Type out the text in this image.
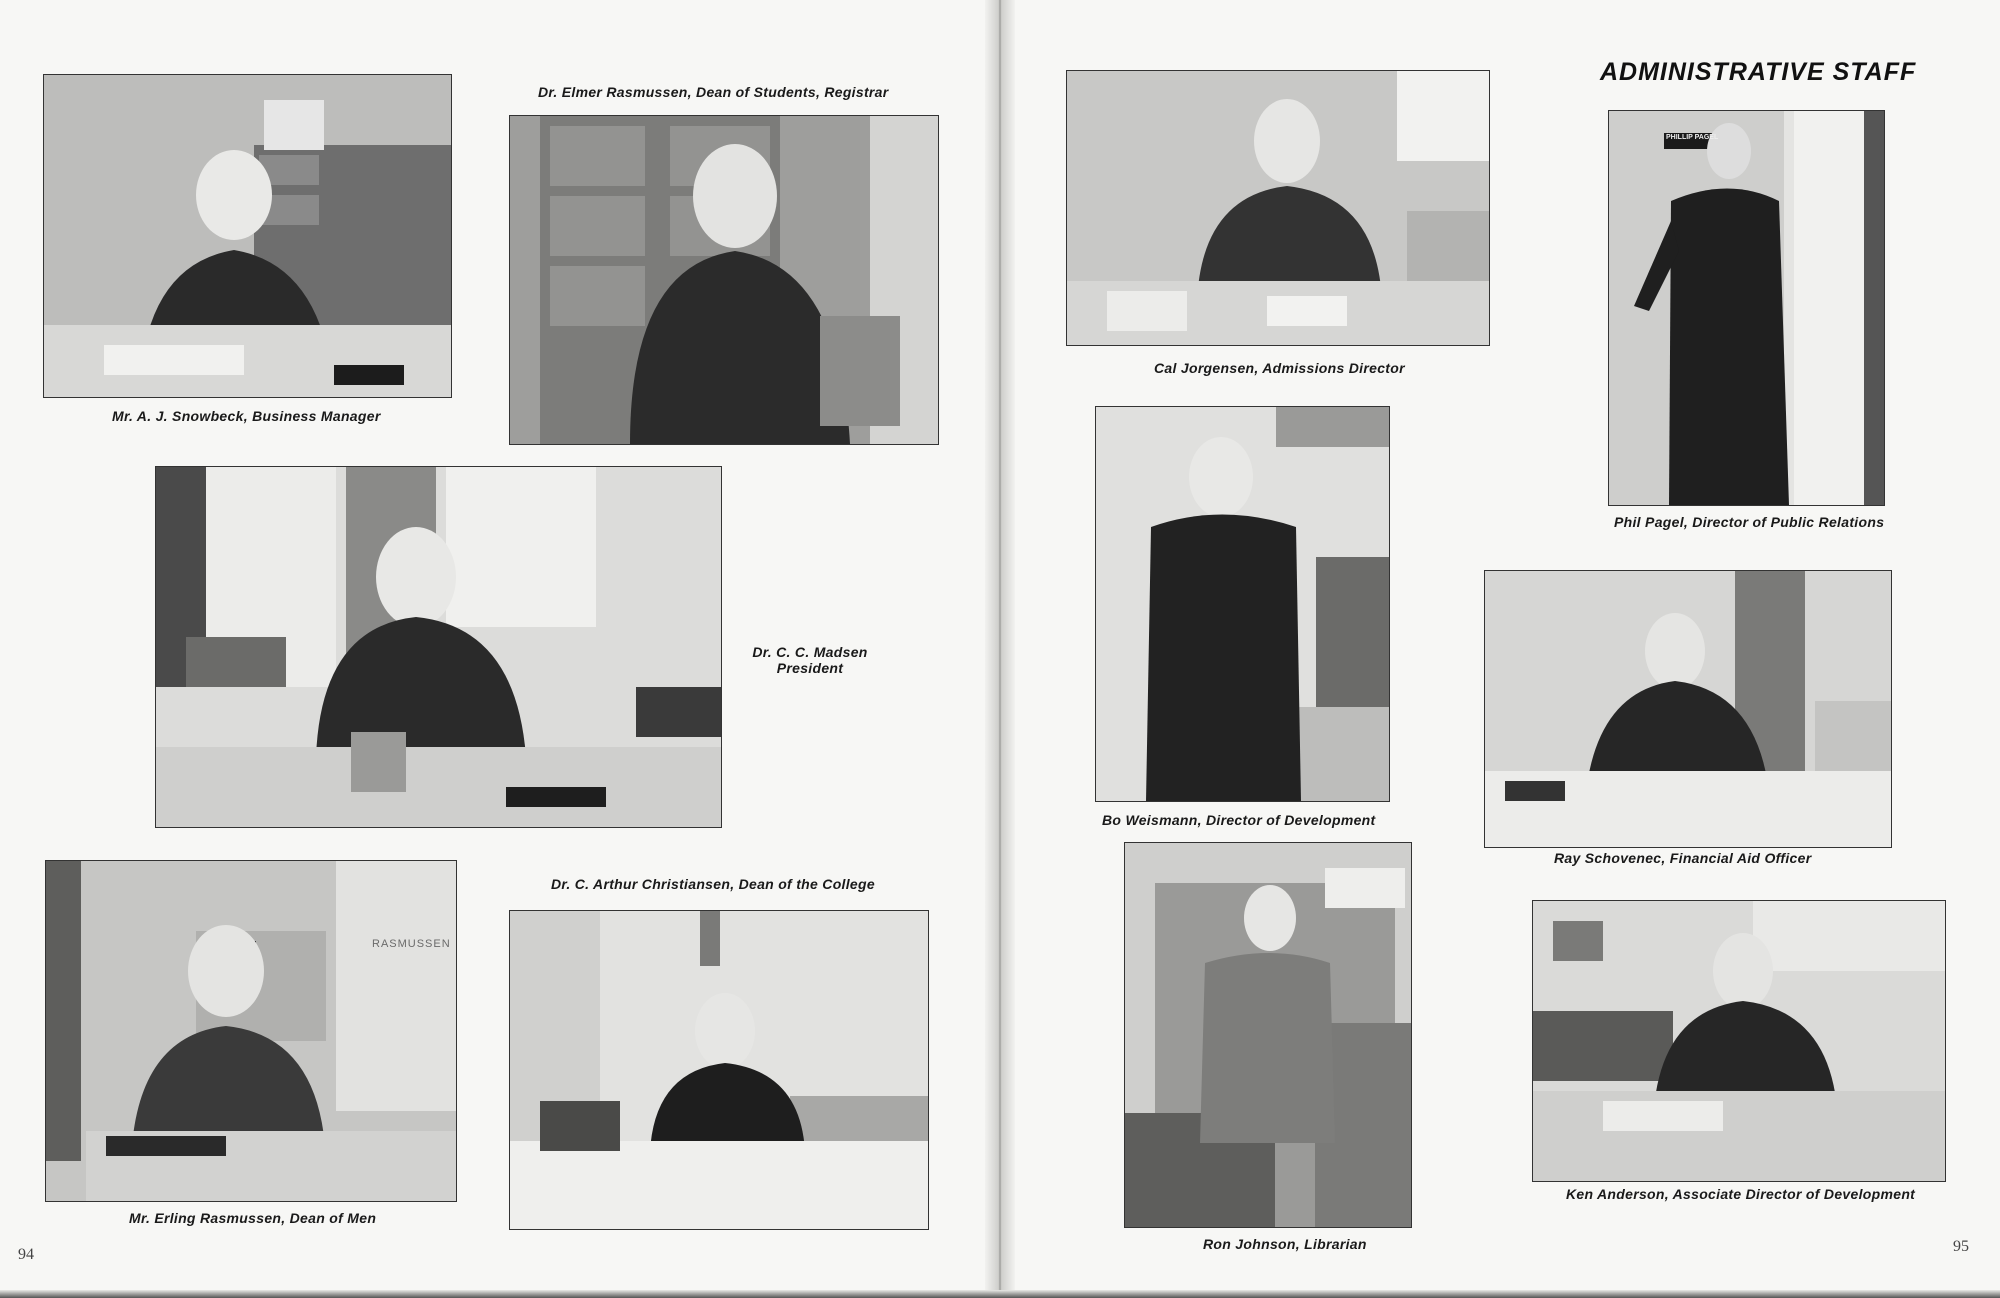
Mr. A. J. Snowbeck, Business Manager
Dr. Elmer Rasmussen, Dean of Students, Registrar
Dr. C. C. Madsen
President
Mr. Erling Rasmussen, Dean of Men
RASMUSSEN
Dr. C. Arthur Christiansen, Dean of the College
94
ADMINISTRATIVE STAFF
Cal Jorgensen, Admissions Director
PHILLIP PAGEL
Phil Pagel, Director of Public Relations
Bo Weismann, Director of Development
Ray Schovenec, Financial Aid Officer
Ron Johnson, Librarian
Ken Anderson, Associate Director of Development
95
